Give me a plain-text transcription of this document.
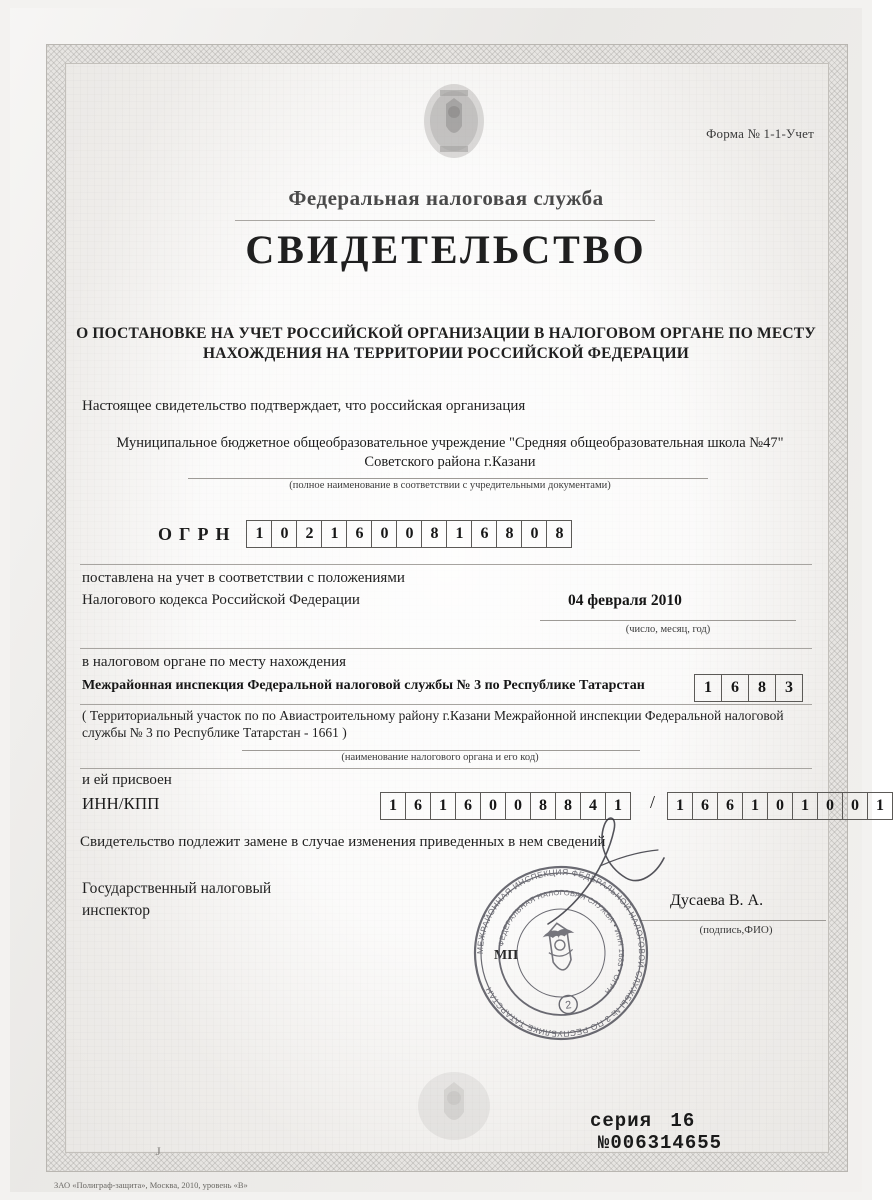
Форма № 1-1-Учет
Федеральная налоговая служба
СВИДЕТЕЛЬСТВО
О ПОСТАНОВКЕ НА УЧЕТ РОССИЙСКОЙ ОРГАНИЗАЦИИ В НАЛОГОВОМ ОРГАНЕ ПО МЕСТУ НАХОЖДЕНИЯ НА ТЕРРИТОРИИ РОССИЙСКОЙ ФЕДЕРАЦИИ
Настоящее свидетельство подтверждает, что российская организация
Муниципальное бюджетное общеобразовательное учреждение "Средняя общеобразовательная школа №47" Советского района г.Казани
(полное наименование в соответствии с учредительными документами)
ОГРН	1	0	2	1	6	0	0	8	1	6	8	0	8
поставлена на учет в соответствии с положениями
Налогового кодекса Российской Федерации	04 февраля 2010
(число, месяц, год)
в налоговом органе по месту нахождения
Межрайонная инспекция Федеральной налоговой службы № 3 по Республике Татарстан	1	6	8	3
( Территориальный участок по по Авиастроительному району г.Казани Межрайонной инспекции Федеральной налоговой службы № 3 по Республике Татарстан - 1661 )
(наименование налогового органа и его код)
и ей присвоен
ИНН/КПП	1	6	1	6	0	0	8	8	4	1	/	1	6	6	1	0	1	0	0	1
Свидетельство подлежит замене в случае изменения приведенных в нем сведений
Государственный налоговый
инспектор
Дусаева В. А.
(подпись,ФИО)
МП
МЕЖРАЙОННАЯ ИНСПЕКЦИЯ ФЕДЕРАЛЬНОЙ НАЛОГОВОЙ СЛУЖБЫ № 3 ПО РЕСПУБЛИКЕ ТАТАРСТАН
ФЕДЕРАЛЬНАЯ НАЛОГОВАЯ СЛУЖБА • ИНН 1683 • ОГРН
2
серия 16 №006314655
J
ЗАО «Полиграф-защита», Москва, 2010, уровень «В»
